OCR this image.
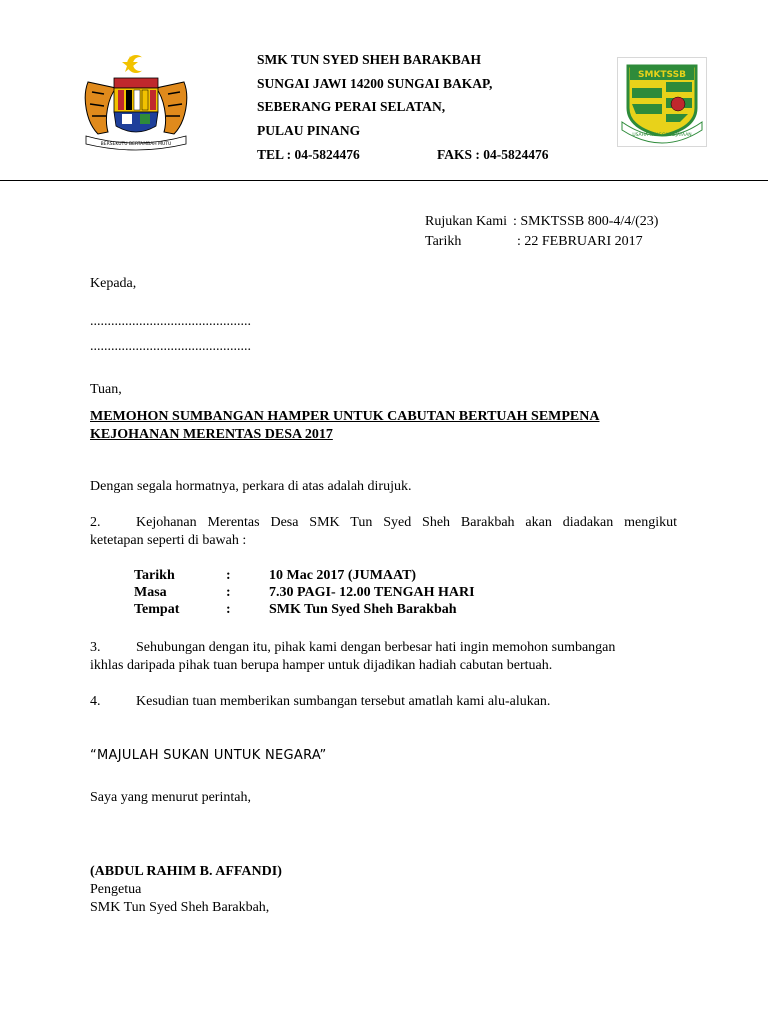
BERSEKUTU BERTAMBAH MUTU
SMK TUN SYED SHEH BARAKBAH
SUNGAI JAWI 14200 SUNGAI BAKAP,
SEBERANG PERAI SELATAN,
PULAU PINANG
TEL : 04-5824476	FAKS : 04-5824476
SMKTSSB
USAHA TANGGA KEJAYAAN
Rujukan Kami : SMKTSSB 800-4/4/(23)
Tarikh	: 22 FEBRUARI 2017
Kepada,
..............................................
..............................................
Tuan,
MEMOHON SUMBANGAN HAMPER UNTUK CABUTAN BERTUAH SEMPENA
KEJOHANAN MERENTAS DESA 2017
Dengan segala hormatnya, perkara di atas adalah dirujuk.
2.	Kejohanan Merentas Desa SMK Tun Syed Sheh Barakbah akan diadakan mengikut
ketetapan seperti di bawah :
Tarikh	:	10 Mac 2017 (JUMAAT)
Masa	:	7.30 PAGI- 12.00 TENGAH HARI
Tempat	:	SMK Tun Syed Sheh Barakbah
3.	Sehubungan dengan itu, pihak kami dengan berbesar hati ingin memohon sumbangan
ikhlas daripada pihak tuan berupa hamper untuk dijadikan hadiah cabutan bertuah.
4.	Kesudian tuan memberikan sumbangan tersebut amatlah kami alu-alukan.
“MAJULAH SUKAN UNTUK NEGARA”
Saya yang menurut perintah,
(ABDUL RAHIM B. AFFANDI)
Pengetua
SMK Tun Syed Sheh Barakbah,
